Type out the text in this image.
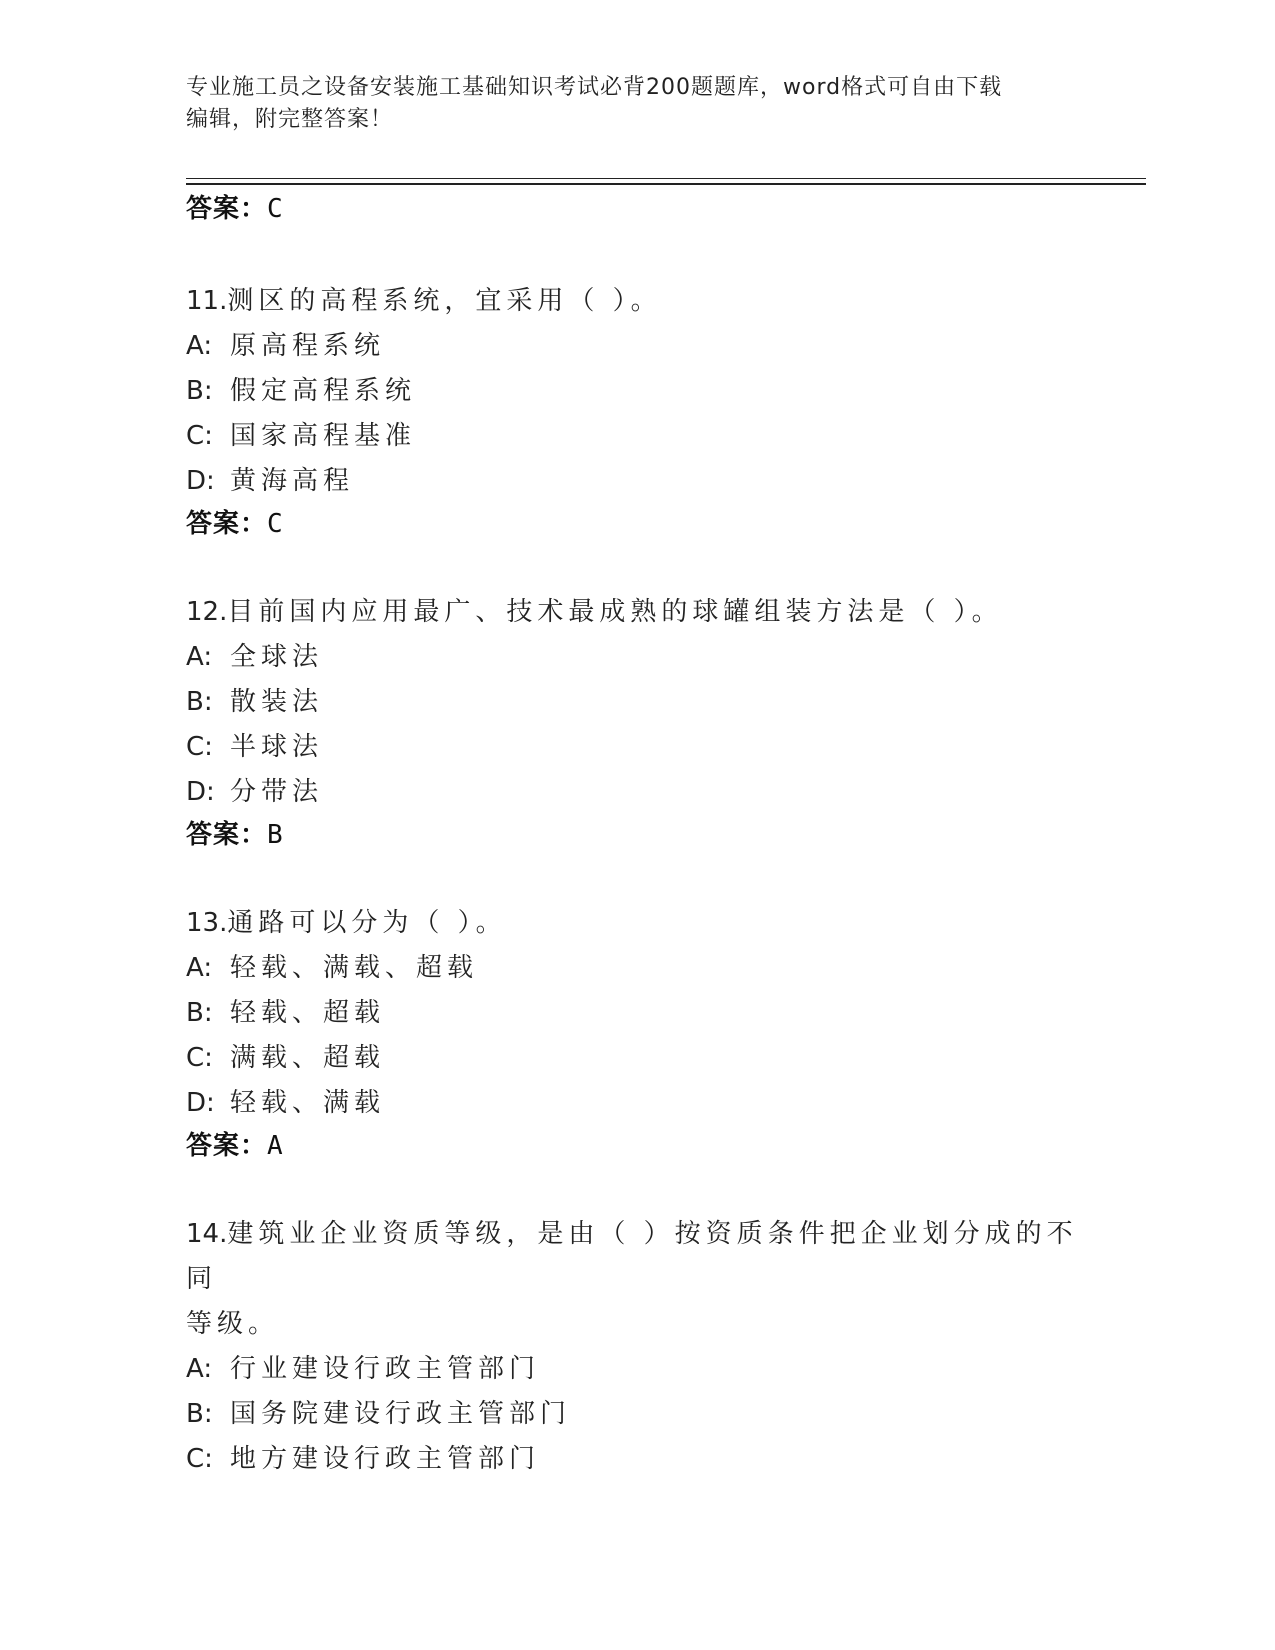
专业施工员之设备安装施工基础知识考试必背200题题库，word格式可自由下载
编辑，附完整答案！
答案：C
11.测区的高程系统，宜采用（ ）。
A: 原高程系统
B: 假定高程系统
C: 国家高程基准
D: 黄海高程
答案：C
12.目前国内应用最广、技术最成熟的球罐组装方法是（ ）。
A: 全球法
B: 散装法
C: 半球法
D: 分带法
答案：B
13.通路可以分为（ ）。
A: 轻载、满载、超载
B: 轻载、超载
C: 满载、超载
D: 轻载、满载
答案：A
14.建筑业企业资质等级，是由（ ）按资质条件把企业划分成的不同
等级。
A: 行业建设行政主管部门
B: 国务院建设行政主管部门
C: 地方建设行政主管部门
